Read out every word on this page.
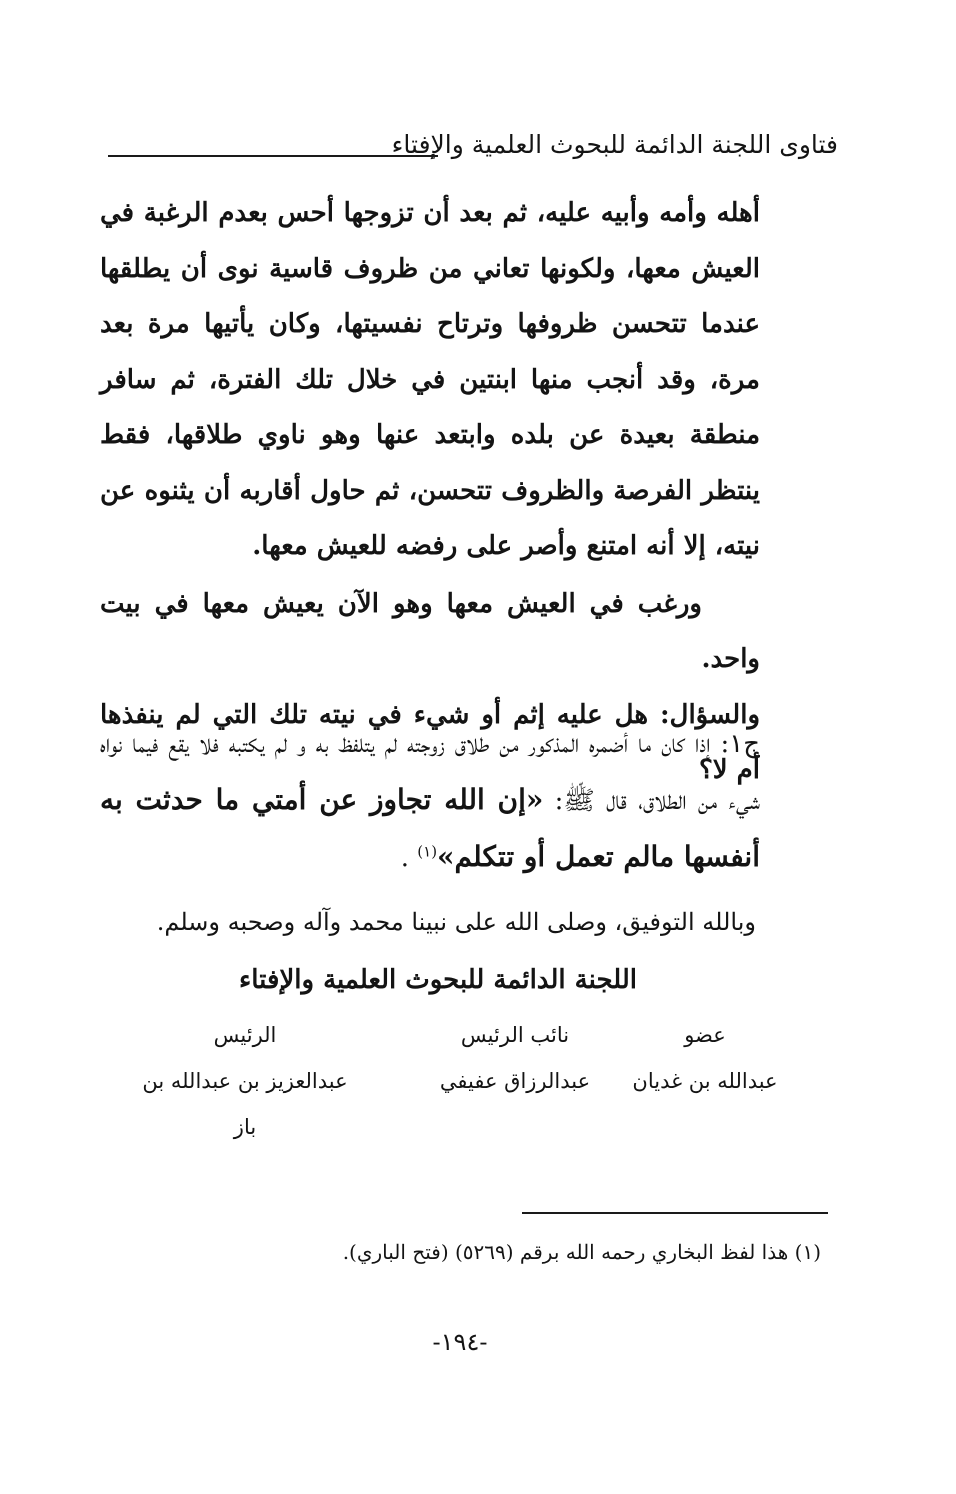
فتاوى اللجنة الدائمة للبحوث العلمية والإفتاء

أهله وأمه وأبيه عليه، ثم بعد أن تزوجها أحس بعدم الرغبة في العيش معها، ولكونها تعاني من ظروف قاسية نوى أن يطلقها عندما تتحسن ظروفها وترتاح نفسيتها، وكان يأتيها مرة بعد مرة، وقد أنجب منها ابنتين في خلال تلك الفترة، ثم سافر منطقة بعيدة عن بلده وابتعد عنها وهو ناوي طلاقها، فقط ينتظر الفرصة والظروف تتحسن، ثم حاول أقاربه أن يثنوه عن نيته، إلا أنه امتنع وأصر على رفضه للعيش معها.

ورغب في العيش معها وهو الآن يعيش معها في بيت واحد.

والسؤال: هل عليه إثم أو شيء في نيته تلك التي لم ينفذها أم لا؟

ج١: إذا كان ما أضمره المذكور من طلاق زوجته لم يتلفظ به و لم يكتبه فلا يقع فيما نواه شيء من الطلاق، قال ﷺ: «إن الله تجاوز عن أمتي ما حدثت به أنفسها مالم تعمل أو تتكلم»$^{(١)}$ .
وبالله التوفيق، وصلى الله على نبينا محمد وآله وصحبه وسلم.
اللجنة الدائمة للبحوث العلمية والإفتاء
عضو
عبدالله بن غديان
نائب الرئيس
عبدالرزاق عفيفي
الرئيس
عبدالعزيز بن عبدالله بن باز
(١) هذا لفظ البخاري رحمه الله برقم (٥٢٦٩) (فتح الباري).
-١٩٤-
